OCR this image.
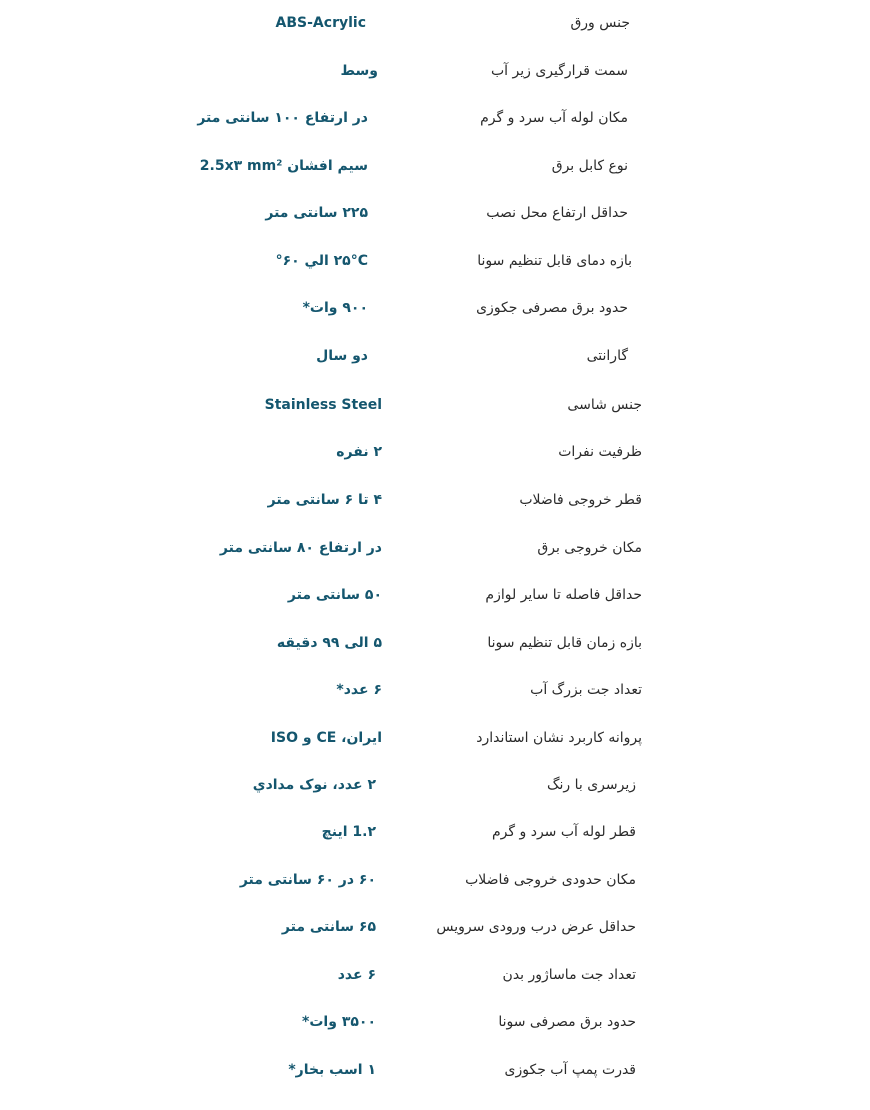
جنس ورق
ABS-Acrylic
سمت قرارگیری زیر آب
وسط
مکان لوله آب سرد و گرم
در ارتفاع ۱۰۰ سانتی متر
نوع کابل برق
سیم افشان 2.5x۳ mm²
حداقل ارتفاع محل نصب
۲۲۵ سانتی متر
بازه دمای قابل تنظیم سونا
۲۵°C الي ۶۰°
حدود برق مصرفی جکوزی
۹۰۰ وات*
گارانتی
دو سال
جنس شاسی
Stainless Steel
ظرفیت نفرات
۲ نفره
قطر خروجی فاضلاب
۴ تا ۶ سانتی متر
مکان خروجی برق
در ارتفاع ۸۰ سانتی متر
حداقل فاصله تا سایر لوازم
۵۰ سانتی متر
بازه زمان قابل تنظیم سونا
۵ الی ۹۹ دقیقه
تعداد جت بزرگ آب
۶ عدد*
پروانه کاربرد نشان استاندارد
ایران، CE و ISO
زیرسری با رنگ
۲ عدد، نوک مدادي
قطر لوله آب سرد و گرم
1.۲ اینچ
مکان حدودی خروجی فاضلاب
۶۰ در ۶۰ سانتی متر
حداقل عرض درب ورودی سرویس
۶۵ سانتی متر
تعداد جت ماساژور بدن
۶ عدد
حدود برق مصرفی سونا
۳۵۰۰ وات*
قدرت پمپ آب جکوزی
۱ اسب بخار*
